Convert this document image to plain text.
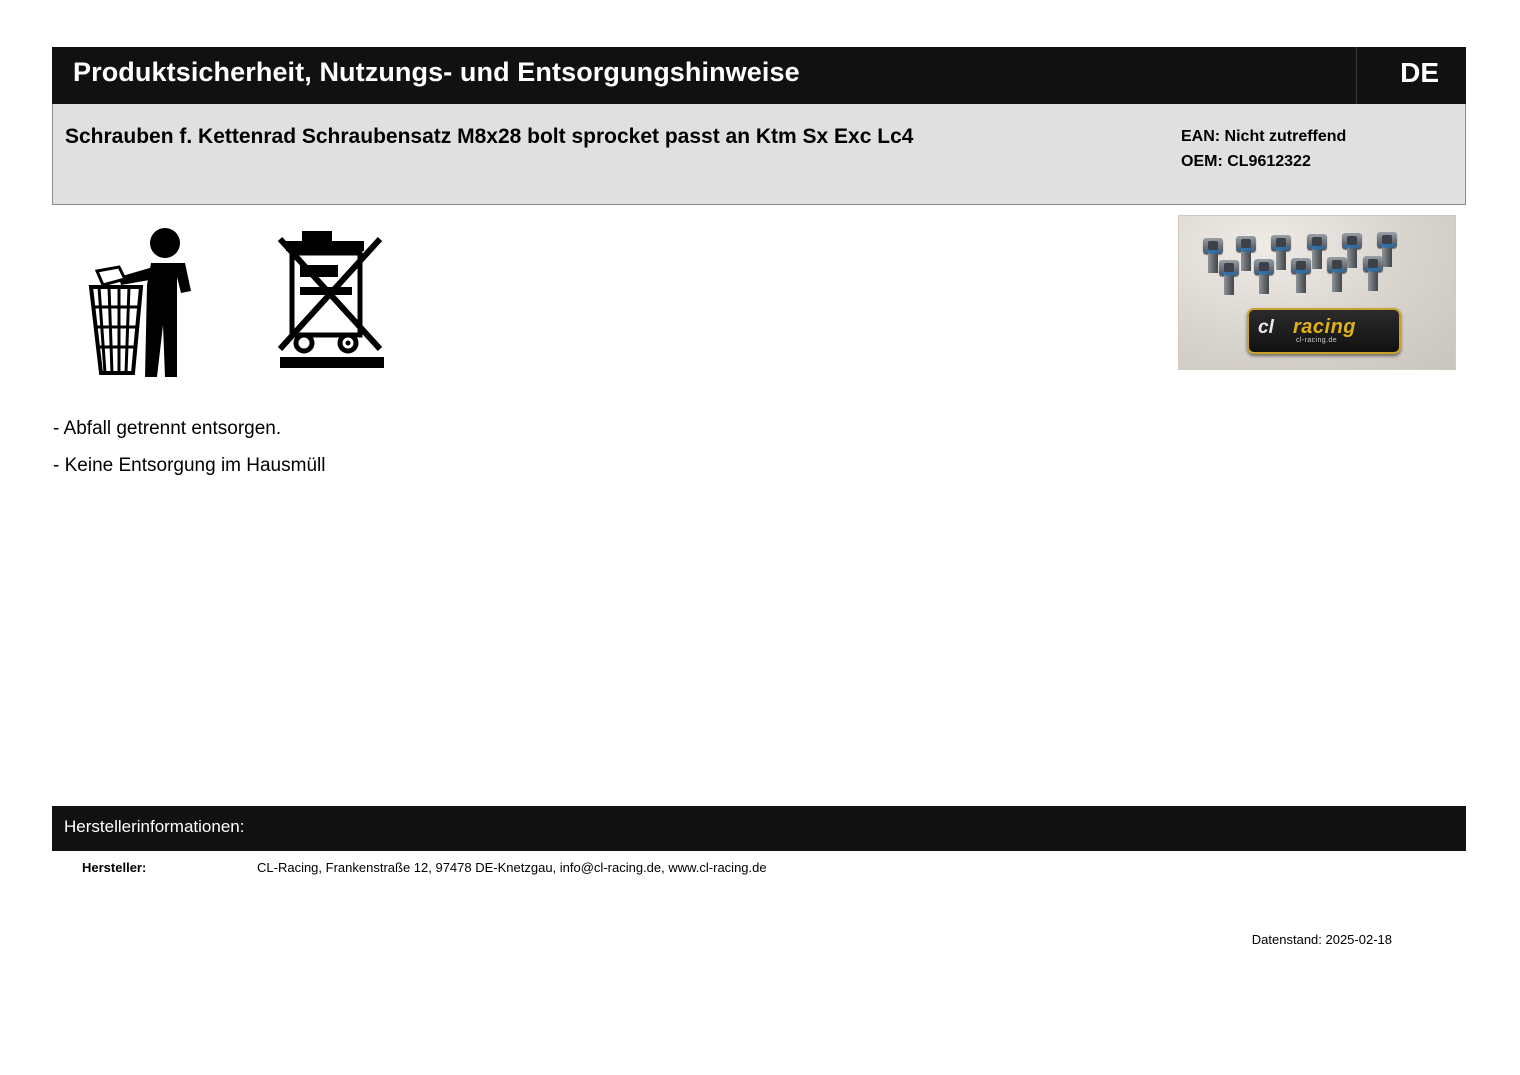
Produktsicherheit, Nutzungs- und Entsorgungshinweise	DE
Schrauben f. Kettenrad Schraubensatz M8x28 bolt sprocket passt an Ktm Sx Exc Lc4	EAN: Nicht zutreffend
OEM: CL9612322
cl racing
cl-racing.de
- Abfall getrennt entsorgen.
- Keine Entsorgung im Hausmüll
Herstellerinformationen:
Hersteller:	CL-Racing, Frankenstraße 12, 97478 DE-Knetzgau, info@cl-racing.de, www.cl-racing.de
Datenstand: 2025-02-18
